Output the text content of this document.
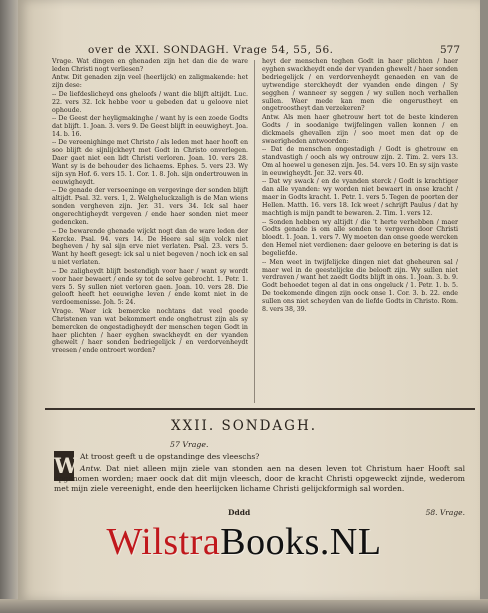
over de XXI. SONDAGH. Vrage 54, 55, 56.	577

Vrage. Wat dingen en ghenaden zijn het dan die de ware leden Christi nogt verliesen?

Antw. Dit genaden zijn veel (heerlijck) en zaligmakende: het zijn dese:

-- De liefdeslicheyd ons gheloofs / want die blijft altijdt. Luc. 22. vers 32. Ick hebbe voor u gebeden dat u geloove niet ophoude.

-- De Geest der heyligmakinghe / want hy is een zoede Godts dat blijft. 1. Joan. 3. vers 9. De Geest blijft in eeuwigheyt. Joa. 14. b. 16.

-- De vereenighinge met Christo / als leden met haer hooft en soo blijft de sijnlijckheyt met Godt in Christo onverlegen. Daer gaet niet een lidt Christi verloren. Joan. 10. vers 28. Want sy is de behouder des lichaems. Ephes. 5. vers 23. Wy sijn syn Hof. 6. vers 15. 1. Cor. 1. 8. Joh. sijn ondertrouwen in eeuwigheydt.

-- De genade der versoeninge en vergevinge der sonden blijft altijdt. Psal. 32. vers. 1, 2. Welgheluckzaligh is de Man wiens sonden vergheven zijn. Jer. 31. vers 34. Ick sal haer ongerechtigheydt vergeven / ende haer sonden niet meer gedencken.

-- De bewarende ghenade wijckt nogt dan de ware leden der Kercke. Psal. 94. vers 14. De Heere sal sijn volck niet begheven / hy sal sijn erve niet verlaten. Psal. 23. vers 5. Want hy heeft gesegt: ick sal u niet begeven / noch ick en sal u niet verlaten.

-- De zaligheydt blijft bestendigh voor haer / want sy wordt voor haer bewaert / ende sy tot de selve gebrocht. 1. Petr. 1. vers 5. Sy sullen niet verloren gaen. Joan. 10. vers 28. Die gelooft heeft het eeuwighe leven / ende komt niet in de verdoemenisse. Joh. 5: 24.

Vrage. Waer ick bemercke nochtans dat veel goede Christenen van wat bekommert ende onghetrust zijn als sy bemercken de ongestadigheydt der menschen tegen Godt in haer plichten / haer eyghen swackheydt en der vyanden ghewelt / haer sonden bedriegelijck / en verdorvenheydt vreesen / ende ontroert worden?

heyt der menschen teghen Godt in haer plichten / haer eyghen swackheydt ende der vyanden ghewelt / haer sonden bedriegelijck / en verdorvenheydt genaeden en van de uytwendige sterckheydt der vyanden ende dingen / Sy segghen / wanneer sy seggen / wy sullen noch verhallen sullen. Waer mede kan men die ongerustheyt en ongetroostheyt dan verzekeren?

Antw. Als men haer ghetrouw hert tot de beste kinderen Godts / in soodanige twijfelingen vallen konnen / en dickmaels ghevallen zijn / soo moet men dat op de swaerigheden antwoorden:

-- Dat de menschen ongestadigh / Godt is ghetrouw en standvastigh / ooch als wy ontrouw zijn. 2. Tim. 2. vers 13. Om al hoewel u genesen zijn. Jes. 54. vers 10. En sy sijn vaste in eeuwigheydt. Jer. 32. vers 40.

-- Dat wy swack / en de vyanden sterck / Godt is krachtiger dan alle vyanden: wy worden niet bewaert in onse kracht / maer in Godts kracht. 1. Petr. 1. vers 5. Tegen de poorten der Hellen. Matth. 16. vers 18. Ick weet / schrijft Paulus / dat hy machtigh is mijn pandt te bewaren. 2. Tim. 1. vers 12.

-- Sonden hebben wy altijdt / die 't herte verhebben / maer Godts genade is om alle sonden te vergeven door Christi bloedt. 1. Joan. 1. vers 7. Wy moeten dan onse goede wercken den Hemel niet verdienen: daer geloove en betering is dat is begeliefde.

-- Men weet in twijfelijcke dingen niet dat gheheuren sal / maer wel in de geestelijcke die belooft zijn. Wy sullen niet verdraven / want het zaedt Godts blijft in ons. 1. Joan. 3. b. 9. Godt behoedet tegen al dat in ons ongeluck / 1. Petr. 1. b. 5. De toekomende dingen zijn oock onse 1. Cor. 3. b. 22. ende sullen ons niet scheyden van de liefde Godts in Christo. Rom. 8. vers 38, 39.

XXII. SONDAGH.
57 Vrage.
W At troost geeft u de opstandinge des vleeschs?
Antw. Dat niet alleen mijn ziele van stonden aen na desen leven tot Christum haer Hooft sal opgenomen worden; maer oock dat dit mijn vleesch, door de kracht Christi opgeweckt zijnde, wederom met mijn ziele vereenight, ende den heerlijcken lichame Christi gelijckformigh sal worden.
Dddd	58. Vrage.
WilstraBooks.NL
